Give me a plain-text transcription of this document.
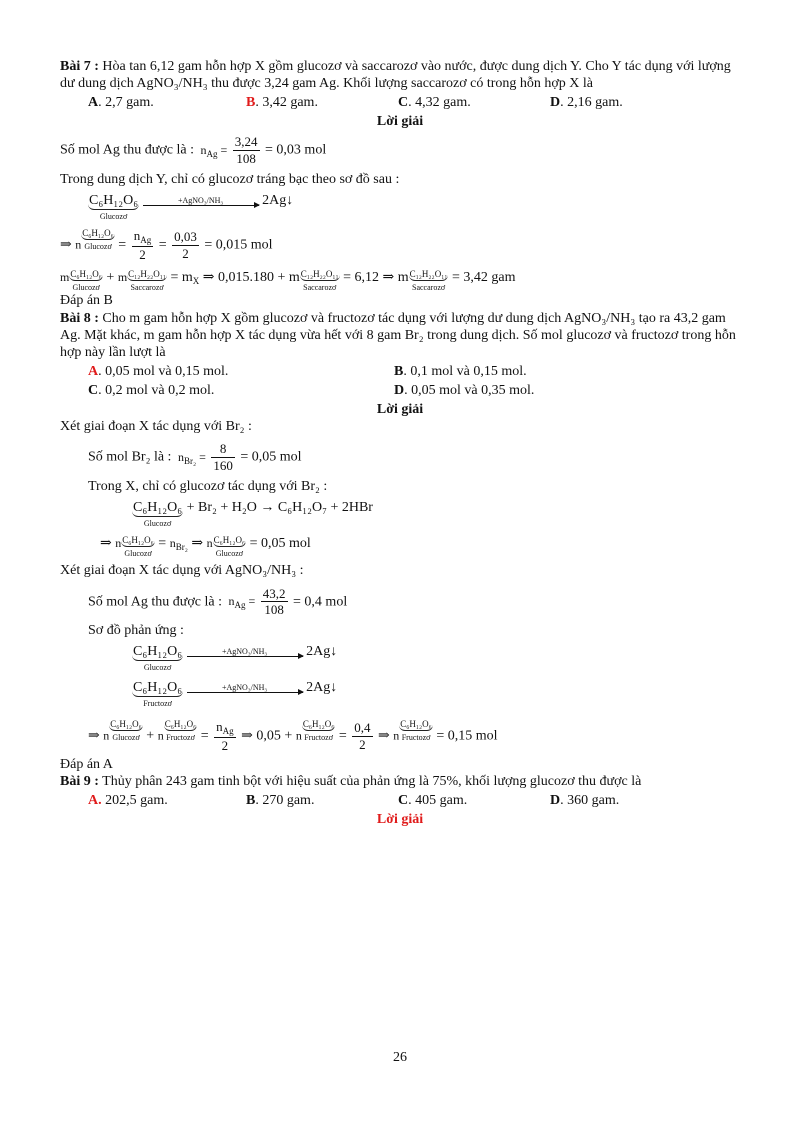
Bài 7 : Hòa tan 6,12 gam hỗn hợp X gồm glucozơ và saccarozơ vào nước, được dung dịch Y. Cho Y tác dụng với lượng dư dung dịch AgNO₃/NH₃ thu được 3,24 gam Ag. Khối lượng saccarozơ có trong hỗn hợp X là

A. 2,7 gam.	B. 3,42 gam.	C. 4,32 gam.	D. 2,16 gam.

Lời giải

Số mol Ag thu được là :  $n_{Ag} = \frac{3,24}{108} = 0,03$ mol

Trong dung dịch Y, chỉ có glucozơ tráng bạc theo sơ đồ sau :

C₆H₁₂O₆
Glucozơ

+AgNO₃/NH₃	2Ag↓
⇒ n
C₆H₁₂O₆
Glucozơ = $\frac{n_{Ag}}{2} = \frac{0,03}{2} = 0,015$ mol
m C₆H₁₂O₆
Glucozơ
+ m C₁₂H₂₂O₁₁
Saccarozơ
= $m_X$ ⇒ 0,015.180 + m C₁₂H₂₂O₁₁
Saccarozơ
= 6,12 ⇒ m C₁₂H₂₂O₁₁
Saccarozơ
= 3,42 gam

Đáp án B

Bài 8 : Cho m gam hỗn hợp X gồm glucozơ và fructozơ tác dụng với lượng dư dung dịch AgNO₃/NH₃ tạo ra 43,2 gam Ag. Mặt khác, m gam hỗn hợp X tác dụng vừa hết với 8 gam Br₂ trong dung dịch. Số mol glucozơ và fructozơ trong hỗn hợp này lần lượt là

A. 0,05 mol và 0,15 mol.	B. 0,1 mol và 0,15 mol.
C. 0,2 mol và 0,2 mol.	D. 0,05 mol và 0,35 mol.

Lời giải

Xét giai đoạn X tác dụng với Br₂ :

Số mol Br₂ là :  $n_{Br_2} = \frac{8}{160} = 0,05$ mol

Trong X, chỉ có glucozơ tác dụng với Br₂ :

C₆H₁₂O₆
Glucozơ
+ Br₂ + H₂O → C₆H₁₂O₇ + 2HBr
⇒ n C₆H₁₂O₆
Glucozơ
= $n_{Br_2}$ ⇒ n C₆H₁₂O₆
Glucozơ
= 0,05 mol

Xét giai đoạn X tác dụng với AgNO₃/NH₃ :

Số mol Ag thu được là :  $n_{Ag} = \frac{43,2}{108} = 0,4$ mol

Sơ đồ phản ứng :

C₆H₁₂O₆
Glucozơ

+AgNO₃/NH₃	2Ag↓
C₆H₁₂O₆
Fructozơ

+AgNO₃/NH₃	2Ag↓
⇒ n
C₆H₁₂O₆
Glucozơ + n
C₆H₁₂O₆
Fructozơ = $\frac{n_{Ag}}{2}$ ⇒ 0,05 + n
C₆H₁₂O₆
Fructozơ = $\frac{0,4}{2}$ ⇒ n
C₆H₁₂O₆
Fructozơ = 0,15 mol

Đáp án A

Bài 9 : Thủy phân 243 gam tinh bột với hiệu suất của phản ứng là 75%, khối lượng glucozơ thu được là

A. 202,5 gam.	B. 270 gam.	C. 405 gam.	D. 360 gam.

Lời giải

26
